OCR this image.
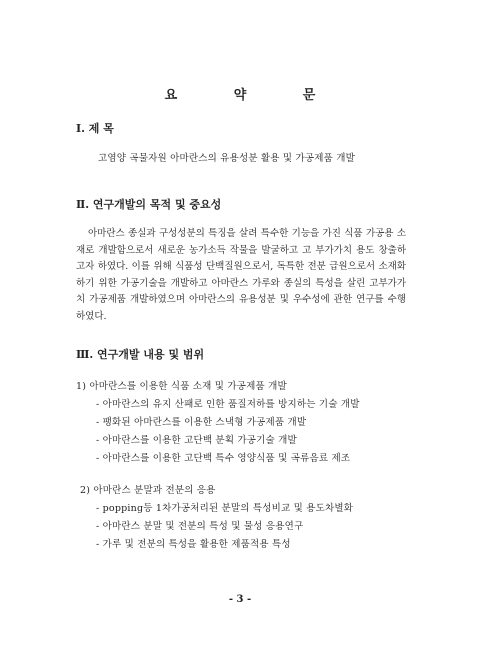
요 약 문
Ⅰ. 제 목
고염양 곡물자원 아마란스의 유용성분 활용 및 가공제품 개발
Ⅱ. 연구개발의 목적 및 중요성
아마란스 종실과 구성성분의 특징을 살려 특수한 기능을 가진 식품 가공용 소재로 개발함으로서 새로운 농가소득 작물을 발굴하고 고 부가가치 용도 창출하고자 하였다. 이를 위해 식품성 단백질원으로서, 독특한 전분 급원으로서 소재화 하기 위한 가공기술을 개발하고 아마란스 가루와 종실의 특성을 살린 고부가가치 가공제품 개발하였으며 아마란스의 유용성분 및 우수성에 관한 연구를 수행하였다.
Ⅲ. 연구개발 내용 및 범위
1) 아마란스를 이용한 식품 소재 및 가공제품 개발
- 아마란스의 유지 산패로 인한 품질저하를 방지하는 기술 개발
- 팽화된 아마란스를 이용한 스낵형 가공제품 개발
- 아마란스를 이용한 고단백 분획 가공기술 개발
- 아마란스를 이용한 고단백 특수 영양식품 및 곡류음료 제조
2) 아마란스 분말과 전분의 응용
- popping등 1차가공처리된 분말의 특성비교 및 용도차별화
- 아마란스 분말 및 전분의 특성 및 물성 응용연구
- 가루 및 전분의 특성을 활용한 제품적용 특성
- 3 -
